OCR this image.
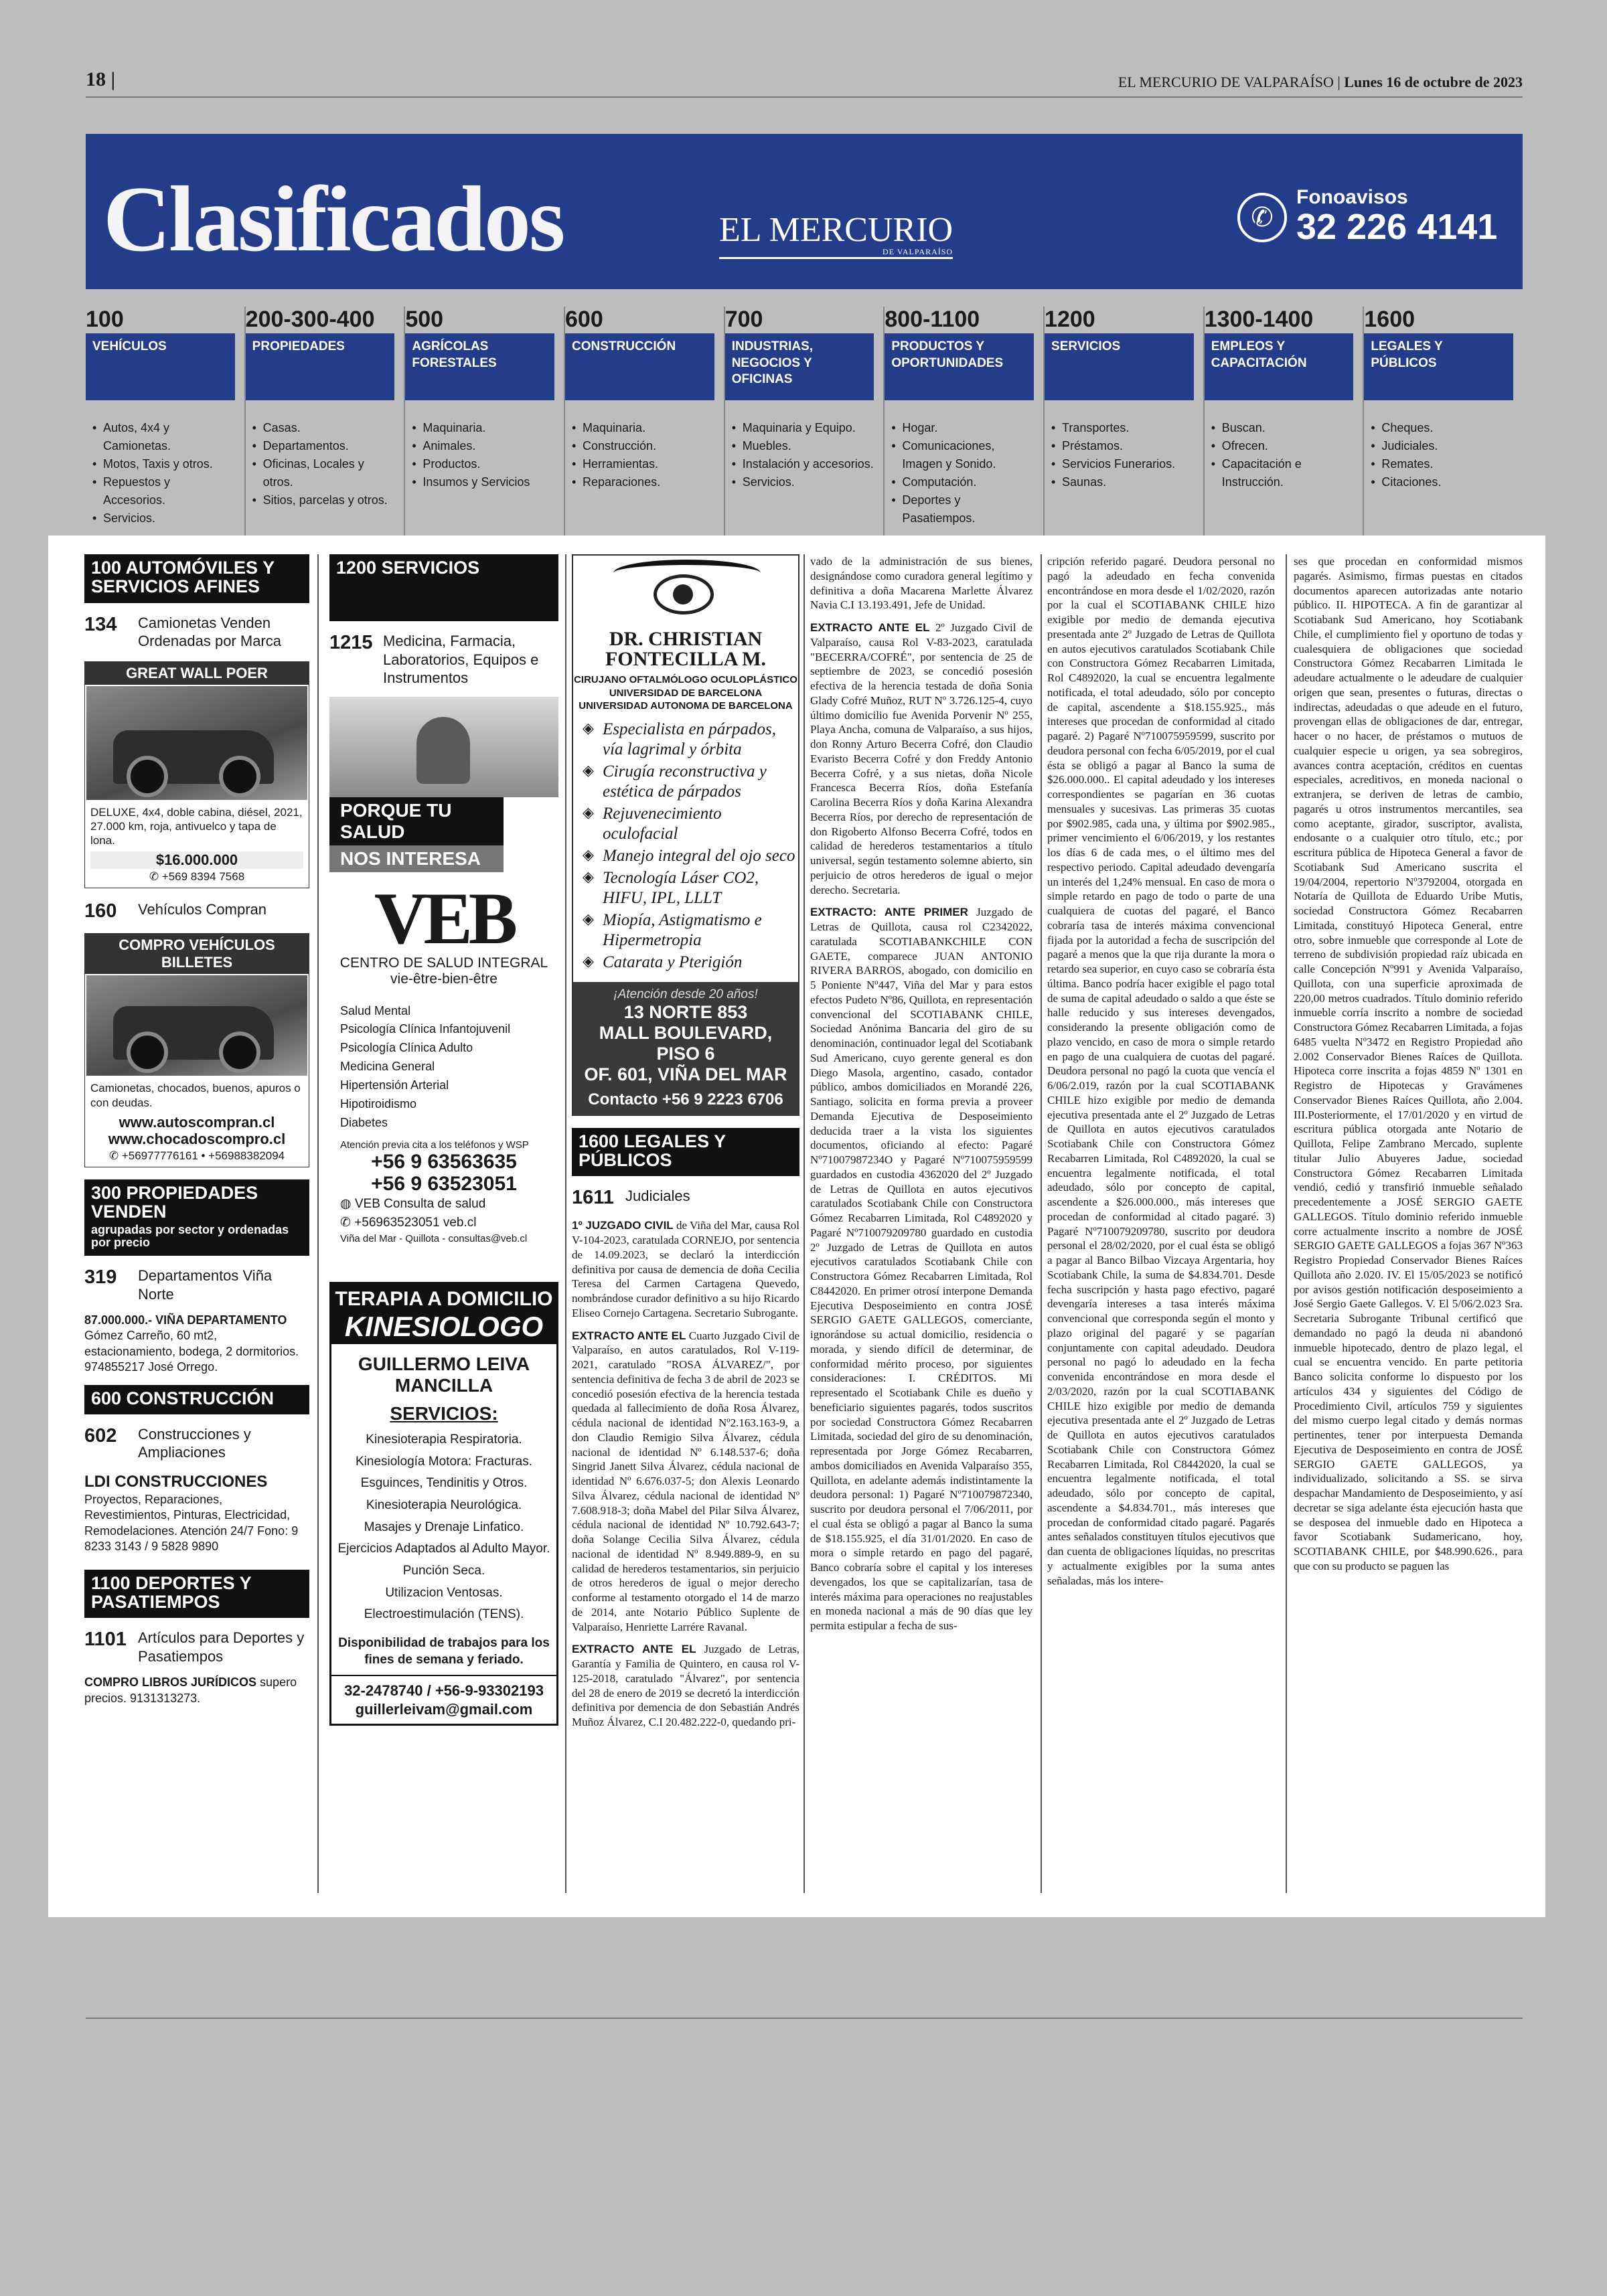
18 |	EL MERCURIO DE VALPARAÍSO | Lunes 16 de octubre de 2023
Clasificados	EL MERCURIO
DE VALPARAÍSO
✆
Fonoavisos
32 226 4141
100
VEHÍCULOS
• Autos, 4x4 y Camionetas.
• Motos, Taxis y otros.
• Repuestos y Accesorios.
• Servicios.
200-300-400
PROPIEDADES
• Casas.
• Departamentos.
• Oficinas, Locales y otros.
• Sitios, parcelas y otros.
500
AGRÍCOLAS FORESTALES
• Maquinaria.
• Animales.
• Productos.
• Insumos y Servicios
600
CONSTRUCCIÓN
• Maquinaria.
• Construcción.
• Herramientas.
• Reparaciones.
700
INDUSTRIAS, NEGOCIOS Y OFICINAS
• Maquinaria y Equipo.
• Muebles.
• Instalación y accesorios.
• Servicios.
800-1100
PRODUCTOS Y OPORTUNIDADES
• Hogar.
• Comunicaciones, Imagen y Sonido.
• Computación.
• Deportes y Pasatiempos.
1200
SERVICIOS
• Transportes.
• Préstamos.
• Servicios Funerarios.
• Saunas.
1300-1400
EMPLEOS Y CAPACITACIÓN
• Buscan.
• Ofrecen.
• Capacitación e Instrucción.
1600
LEGALES Y PÚBLICOS
• Cheques.
• Judiciales.
• Remates.
• Citaciones.
100 AUTOMÓVILES Y SERVICIOS AFINES
134	Camionetas Venden Ordenadas por Marca
GREAT WALL POER
DELUXE, 4x4, doble cabina, diésel, 2021, 27.000 km, roja, antivuelco y tapa de lona.
$16.000.000
✆ +569 8394 7568
160	Vehículos Compran
COMPRO VEHÍCULOS BILLETES
Camionetas, chocados, buenos, apuros o con deudas.
www.autoscompran.cl
www.chocadoscompro.cl
✆ +56977776161 • +56988382094
300 PROPIEDADES VENDEN
agrupadas por sector y ordenadas por precio
319	Departamentos Viña Norte
87.000.000.- VIÑA DEPARTAMENTO Gómez Carreño, 60 mt2, estacionamiento, bodega, 2 dormitorios. 974855217 José Orrego.
600 CONSTRUCCIÓN
602	Construcciones y Ampliaciones
LDI CONSTRUCCIONES
Proyectos, Reparaciones, Revestimientos, Pinturas, Electricidad, Remodelaciones. Atención 24/7 Fono: 9 8233 3143 / 9 5828 9890
1100 DEPORTES Y PASATIEMPOS
1101 Artículos para Deportes y Pasatiempos
COMPRO LIBROS JURÍDICOS supero precios. 9131313273.
1200 SERVICIOS
1215 Medicina, Farmacia, Laboratorios, Equipos e Instrumentos
PORQUE TU SALUD
NOS INTERESA
VEB
CENTRO DE SALUD INTEGRAL
vie-être-bien-être
Salud Mental
Psicología Clínica Infantojuvenil
Psicología Clínica Adulto
Medicina General
Hipertensión Arterial
Hipotiroidismo
Diabetes
Atención previa cita a los teléfonos y WSP
+56 9 63563635
+56 9 63523051
◍ VEB Consulta de salud
✆ +56963523051 veb.cl
Viña del Mar - Quillota - consultas@veb.cl
TERAPIA A DOMICILIO
KINESIOLOGO
GUILLERMO LEIVA MANCILLA
SERVICIOS:
Kinesioterapia Respiratoria.
Kinesiología Motora: Fracturas.
Esguinces, Tendinitis y Otros.
Kinesioterapia Neurológica.
Masajes y Drenaje Linfatico.
Ejercicios Adaptados al Adulto Mayor.
Punción Seca.
Utilizacion Ventosas.
Electroestimulación (TENS).
Disponibilidad de trabajos para los fines de semana y feriado.
32-2478740 / +56-9-93302193
guillerleivam@gmail.com
DR. CHRISTIAN FONTECILLA M.
CIRUJANO OFTALMÓLOGO OCULOPLÁSTICO
UNIVERSIDAD DE BARCELONA
UNIVERSIDAD AUTONOMA DE BARCELONA
◈ Especialista en párpados, vía lagrimal y órbita
◈ Cirugía reconstructiva y estética de párpados
◈ Rejuvenecimiento oculofacial
◈ Manejo integral del ojo seco
◈ Tecnología Láser CO2, HIFU, IPL, LLLT
◈ Miopía, Astigmatismo e Hipermetropia
◈ Catarata y Pterigión
¡Atención desde 20 años!
13 NORTE 853
MALL BOULEVARD, PISO 6
OF. 601, VIÑA DEL MAR
Contacto +56 9 2223 6706
1600 LEGALES Y PÚBLICOS
1611 Judiciales
1º JUZGADO CIVIL de Viña del Mar, causa Rol V-104-2023, caratulada CORNEJO, por sentencia de 14.09.2023, se declaró la interdicción definitiva por causa de demencia de doña Cecilia Teresa del Carmen Cartagena Quevedo, nombrándose curador definitivo a su hijo Ricardo Eliseo Cornejo Cartagena. Secretario Subrogante.
EXTRACTO ANTE EL Cuarto Juzgado Civil de Valparaíso, en autos caratulados, Rol V-119-2021, caratulado "ROSA ÁLVAREZ/", por sentencia definitiva de fecha 3 de abril de 2023 se concedió posesión efectiva de la herencia testada quedada al fallecimiento de doña Rosa Álvarez, cédula nacional de identidad Nº2.163.163-9, a don Claudio Remigio Silva Álvarez, cédula nacional de identidad Nº 6.148.537-6; doña Singrid Janett Silva Álvarez, cédula nacional de identidad Nº 6.676.037-5; don Alexis Leonardo Silva Álvarez, cédula nacional de identidad Nº 7.608.918-3; doña Mabel del Pilar Silva Álvarez, cédula nacional de identidad Nº 10.792.643-7; doña Solange Cecilia Silva Álvarez, cédula nacional de identidad Nº 8.949.889-9, en su calidad de herederos testamentarios, sin perjuicio de otros herederos de igual o mejor derecho conforme al testamento otorgado el 14 de marzo de 2014, ante Notario Público Suplente de Valparaíso, Henriette Larrére Ravanal.
EXTRACTO ANTE EL Juzgado de Letras, Garantía y Familia de Quintero, en causa rol V-125-2018, caratulado "Álvarez", por sentencia del 28 de enero de 2019 se decretó la interdicción definitiva por demencia de don Sebastián Andrés Muñoz Álvarez, C.I 20.482.222-0, quedando pri-
vado de la administración de sus bienes, designándose como curadora general legítimo y definitiva a doña Macarena Marlette Álvarez Navia C.I 13.193.491, Jefe de Unidad.
EXTRACTO ANTE EL 2º Juzgado Civil de Valparaíso, causa Rol V-83-2023, caratulada "BECERRA/COFRÉ", por sentencia de 25 de septiembre de 2023, se concedió posesión efectiva de la herencia testada de doña Sonia Glady Cofré Muñoz, RUT Nº 3.726.125-4, cuyo último domicilio fue Avenida Porvenir Nº 255, Playa Ancha, comuna de Valparaíso, a sus hijos, don Ronny Arturo Becerra Cofré, don Claudio Evaristo Becerra Cofré y don Freddy Antonio Becerra Cofré, y a sus nietas, doña Nicole Francesca Becerra Ríos, doña Estefanía Carolina Becerra Ríos y doña Karina Alexandra Becerra Ríos, por derecho de representación de don Rigoberto Alfonso Becerra Cofré, todos en calidad de herederos testamentarios a título universal, según testamento solemne abierto, sin perjuicio de otros herederos de igual o mejor derecho. Secretaria.
EXTRACTO: ANTE PRIMER Juzgado de Letras de Quillota, causa rol C2342022, caratulada SCOTIABANKCHILE CON GAETE, comparece JUAN ANTONIO RIVERA BARROS, abogado, con domicilio en 5 Poniente Nº447, Viña del Mar y para estos efectos Pudeto Nº86, Quillota, en representación convencional del SCOTIABANK CHILE, Sociedad Anónima Bancaria del giro de su denominación, continuador legal del Scotiabank Sud Americano, cuyo gerente general es don Diego Masola, argentino, casado, contador público, ambos domiciliados en Morandé 226, Santiago, solicita en forma previa a proveer Demanda Ejecutiva de Desposeimiento deducida traer a la vista los siguientes documentos, oficiando al efecto: Pagaré Nº71007987234O y Pagaré Nº710075959599 guardados en custodia 4362020 del 2º Juzgado de Letras de Quillota en autos ejecutivos caratulados Scotiabank Chile con Constructora Gómez Recabarren Limitada, Rol C4892020 y Pagaré Nº710079209780 guardado en custodia 2º Juzgado de Letras de Quillota en autos ejecutivos caratulados Scotiabank Chile con Constructora Gómez Recabarren Limitada, Rol C8442020. En primer otrosí interpone Demanda Ejecutiva Desposeimiento en contra JOSÉ SERGIO GAETE GALLEGOS, comerciante, ignorándose su actual domicilio, residencia o morada, y siendo difícil de determinar, de conformidad mérito proceso, por siguientes consideraciones: I. CRÉDITOS. Mi representado el Scotiabank Chile es dueño y beneficiario siguientes pagarés, todos suscritos por sociedad Constructora Gómez Recabarren Limitada, sociedad del giro de su denominación, representada por Jorge Gómez Recabarren, ambos domiciliados en Avenida Valparaíso 355, Quillota, en adelante además indistintamente la deudora personal: 1) Pagaré Nº710079872340, suscrito por deudora personal el 7/06/2011, por el cual ésta se obligó a pagar al Banco la suma de $18.155.925, el día 31/01/2020. En caso de mora o simple retardo en pago del pagaré, Banco cobraría sobre el capital y los intereses devengados, los que se capitalizarían, tasa de interés máxima para operaciones no reajustables en moneda nacional a más de 90 días que ley permita estipular a fecha de sus-
cripción referido pagaré. Deudora personal no pagó la adeudado en fecha convenida encontrándose en mora desde el 1/02/2020, razón por la cual el SCOTIABANK CHILE hizo exigible por medio de demanda ejecutiva presentada ante 2º Juzgado de Letras de Quillota en autos ejecutivos caratulados Scotiabank Chile con Constructora Gómez Recabarren Limitada, Rol C4892020, la cual se encuentra legalmente notificada, el total adeudado, sólo por concepto de capital, ascendente a $18.155.925., más intereses que procedan de conformidad al citado pagaré. 2) Pagaré Nº710075959599, suscrito por deudora personal con fecha 6/05/2019, por el cual ésta se obligó a pagar al Banco la suma de $26.000.000.. El capital adeudado y los intereses correspondientes se pagarían en 36 cuotas mensuales y sucesivas. Las primeras 35 cuotas por $902.985, cada una, y última por $902.985., primer vencimiento el 6/06/2019, y los restantes los días 6 de cada mes, o el último mes del respectivo periodo. Capital adeudado devengaría un interés del 1,24% mensual. En caso de mora o simple retardo en pago de todo o parte de una cualquiera de cuotas del pagaré, el Banco cobraría tasa de interés máxima convencional fijada por la autoridad a fecha de suscripción del pagaré a menos que la que rija durante la mora o retardo sea superior, en cuyo caso se cobraría ésta última. Banco podría hacer exigible el pago total de suma de capital adeudado o saldo a que éste se halle reducido y sus intereses devengados, considerando la presente obligación como de plazo vencido, en caso de mora o simple retardo en pago de una cualquiera de cuotas del pagaré. Deudora personal no pagó la cuota que vencía el 6/06/2.019, razón por la cual SCOTIABANK CHILE hizo exigible por medio de demanda ejecutiva presentada ante el 2º Juzgado de Letras de Quillota en autos ejecutivos caratulados Scotiabank Chile con Constructora Gómez Recabarren Limitada, Rol C4892020, la cual se encuentra legalmente notificada, el total adeudado, sólo por concepto de capital, ascendente a $26.000.000., más intereses que procedan de conformidad al citado pagaré. 3) Pagaré Nº710079209780, suscrito por deudora personal el 28/02/2020, por el cual ésta se obligó a pagar al Banco Bilbao Vizcaya Argentaria, hoy Scotiabank Chile, la suma de $4.834.701. Desde fecha suscripción y hasta pago efectivo, pagaré devengaría intereses a tasa interés máxima convencional que corresponda según el monto y plazo original del pagaré y se pagarían conjuntamente con capital adeudado. Deudora personal no pagó lo adeudado en la fecha convenida encontrándose en mora desde el 2/03/2020, razón por la cual SCOTIABANK CHILE hizo exigible por medio de demanda ejecutiva presentada ante el 2º Juzgado de Letras de Quillota en autos ejecutivos caratulados Scotiabank Chile con Constructora Gómez Recabarren Limitada, Rol C8442020, la cual se encuentra legalmente notificada, el total adeudado, sólo por concepto de capital, ascendente a $4.834.701., más intereses que procedan de conformidad citado pagaré. Pagarés antes señalados constituyen títulos ejecutivos que dan cuenta de obligaciones líquidas, no prescritas y actualmente exigibles por la suma antes señaladas, más los intere-
ses que procedan en conformidad mismos pagarés. Asimismo, firmas puestas en citados documentos aparecen autorizadas ante notario público. II. HIPOTECA. A fin de garantizar al Scotiabank Sud Americano, hoy Scotiabank Chile, el cumplimiento fiel y oportuno de todas y cualesquiera de obligaciones que sociedad Constructora Gómez Recabarren Limitada le adeudare actualmente o le adeudare de cualquier origen que sean, presentes o futuras, directas o indirectas, adeudadas o que adeude en el futuro, provengan ellas de obligaciones de dar, entregar, hacer o no hacer, de préstamos o mutuos de cualquier especie u origen, ya sea sobregiros, avances contra aceptación, créditos en cuentas especiales, acreditivos, en moneda nacional o extranjera, se deriven de letras de cambio, pagarés u otros instrumentos mercantiles, sea como aceptante, girador, suscriptor, avalista, endosante o a cualquier otro título, etc.; por escritura pública de Hipoteca General a favor de Scotiabank Sud Americano suscrita el 19/04/2004, repertorio Nº3792004, otorgada en Notaría de Quillota de Eduardo Uribe Mutis, sociedad Constructora Gómez Recabarren Limitada, constituyó Hipoteca General, entre otro, sobre inmueble que corresponde al Lote de terreno de subdivisión propiedad raíz ubicada en calle Concepción Nº991 y Avenida Valparaíso, Quillota, con una superficie aproximada de 220,00 metros cuadrados. Título dominio referido inmueble corría inscrito a nombre de sociedad Constructora Gómez Recabarren Limitada, a fojas 6485 vuelta Nº3472 en Registro Propiedad año 2.002 Conservador Bienes Raíces de Quillota. Hipoteca corre inscrita a fojas 4859 Nº 1301 en Registro de Hipotecas y Gravámenes Conservador Bienes Raíces Quillota, año 2.004. III.Posteriormente, el 17/01/2020 y en virtud de escritura pública otorgada ante Notario de Quillota, Felipe Zambrano Mercado, suplente titular Julio Abuyeres Jadue, sociedad Constructora Gómez Recabarren Limitada vendió, cedió y transfirió inmueble señalado precedentemente a JOSÉ SERGIO GAETE GALLEGOS. Título dominio referido inmueble corre actualmente inscrito a nombre de JOSÉ SERGIO GAETE GALLEGOS a fojas 367 Nº363 Registro Propiedad Conservador Bienes Raíces Quillota año 2.020. IV. El 15/05/2023 se notificó por avisos gestión notificación desposeimiento a José Sergio Gaete Gallegos. V. El 5/06/2.023 Sra. Secretaria Subrogante Tribunal certificó que demandado no pagó la deuda ni abandonó inmueble hipotecado, dentro de plazo legal, el cual se encuentra vencido. En parte petitoria Banco solicita conforme lo dispuesto por los artículos 434 y siguientes del Código de Procedimiento Civil, artículos 759 y siguientes del mismo cuerpo legal citado y demás normas pertinentes, tener por interpuesta Demanda Ejecutiva de Desposeimiento en contra de JOSÉ SERGIO GAETE GALLEGOS, ya individualizado, solicitando a SS. se sirva despachar Mandamiento de Desposeimiento, y así decretar se siga adelante ésta ejecución hasta que se desposea del inmueble dado en Hipoteca a favor Scotiabank Sudamericano, hoy, SCOTIABANK CHILE, por $48.990.626., para que con su producto se paguen las
